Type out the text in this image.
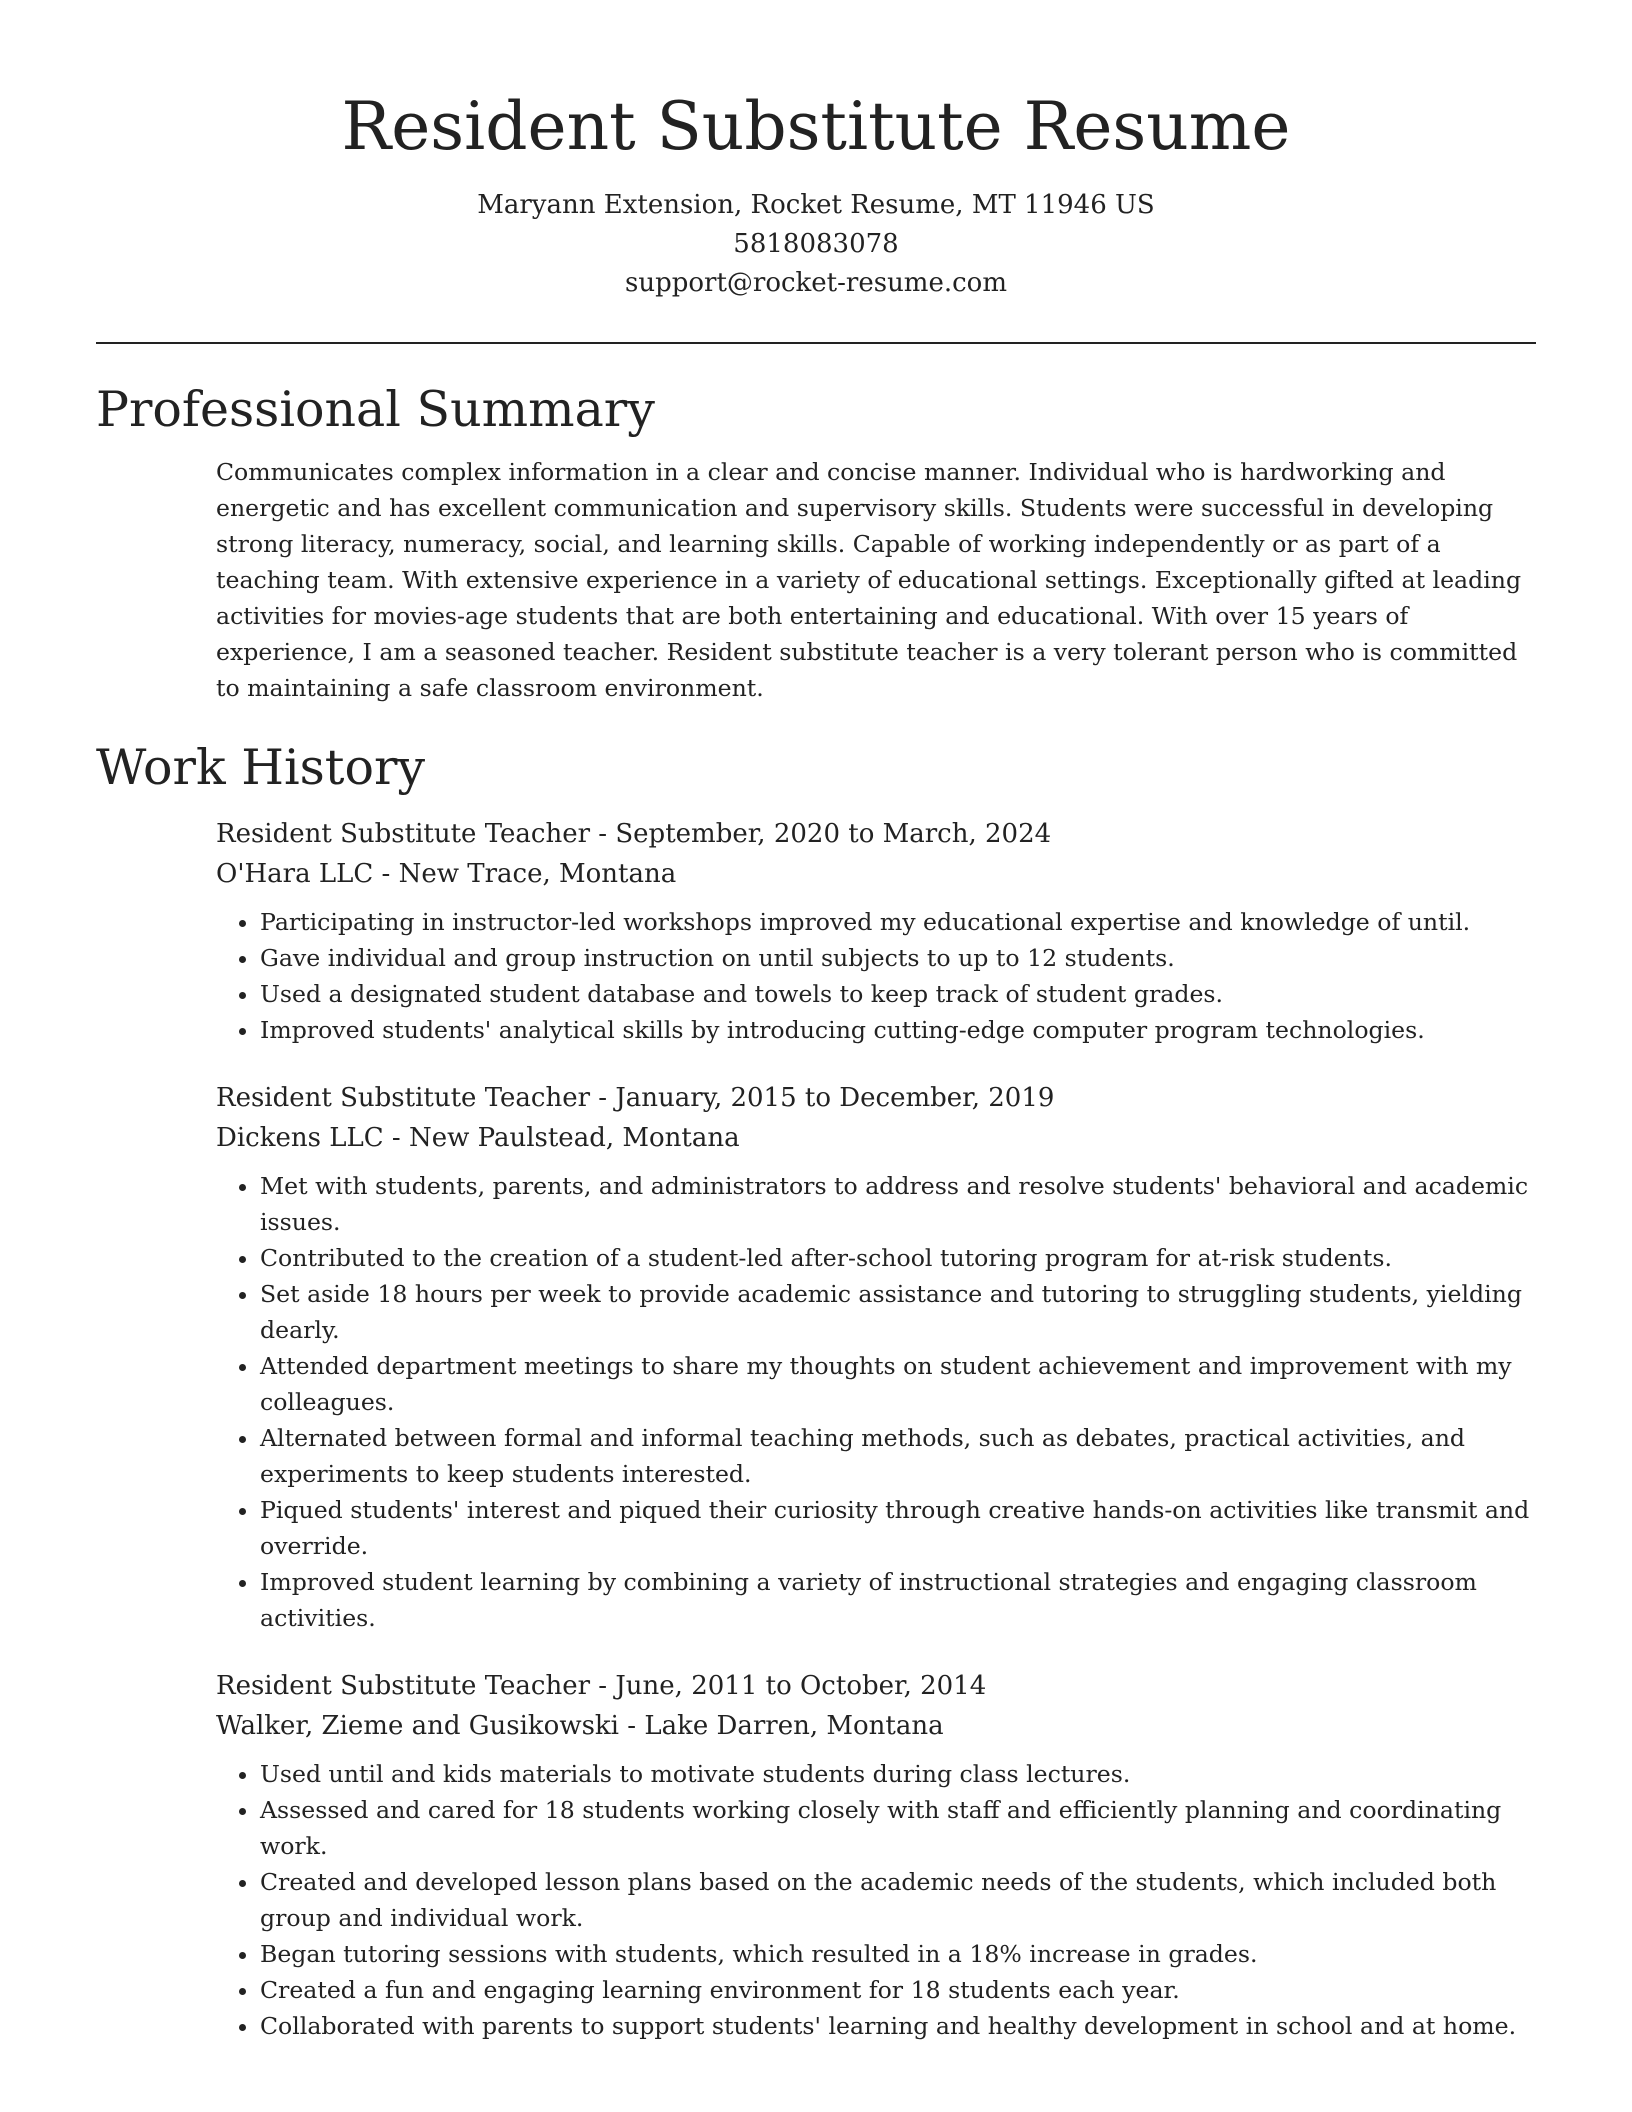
Resident Substitute Resume
Maryann Extension, Rocket Resume, MT 11946 US
5818083078
support@rocket-resume.com
Professional Summary

Communicates complex information in a clear and concise manner. Individual who is hardworking and energetic and has excellent communication and supervisory skills. Students were successful in developing strong literacy, numeracy, social, and learning skills. Capable of working independently or as part of a teaching team. With extensive experience in a variety of educational settings. Exceptionally gifted at leading activities for movies-age students that are both entertaining and educational. With over 15 years of experience, I am a seasoned teacher. Resident substitute teacher is a very tolerant person who is committed to maintaining a safe classroom environment.

Work History
Resident Substitute Teacher - September, 2020 to March, 2024
O'Hara LLC - New Trace, Montana
• Participating in instructor-led workshops improved my educational expertise and knowledge of until.
• Gave individual and group instruction on until subjects to up to 12 students.
• Used a designated student database and towels to keep track of student grades.
• Improved students' analytical skills by introducing cutting-edge computer program technologies.
Resident Substitute Teacher - January, 2015 to December, 2019
Dickens LLC - New Paulstead, Montana
• Met with students, parents, and administrators to address and resolve students' behavioral and academic issues.
• Contributed to the creation of a student-led after-school tutoring program for at-risk students.
• Set aside 18 hours per week to provide academic assistance and tutoring to struggling students, yielding dearly.
• Attended department meetings to share my thoughts on student achievement and improvement with my colleagues.
• Alternated between formal and informal teaching methods, such as debates, practical activities, and experiments to keep students interested.
• Piqued students' interest and piqued their curiosity through creative hands-on activities like transmit and override.
• Improved student learning by combining a variety of instructional strategies and engaging classroom activities.
Resident Substitute Teacher - June, 2011 to October, 2014
Walker, Zieme and Gusikowski - Lake Darren, Montana
• Used until and kids materials to motivate students during class lectures.
• Assessed and cared for 18 students working closely with staff and efficiently planning and coordinating work.
• Created and developed lesson plans based on the academic needs of the students, which included both group and individual work.
• Began tutoring sessions with students, which resulted in a 18% increase in grades.
• Created a fun and engaging learning environment for 18 students each year.
• Collaborated with parents to support students' learning and healthy development in school and at home.
